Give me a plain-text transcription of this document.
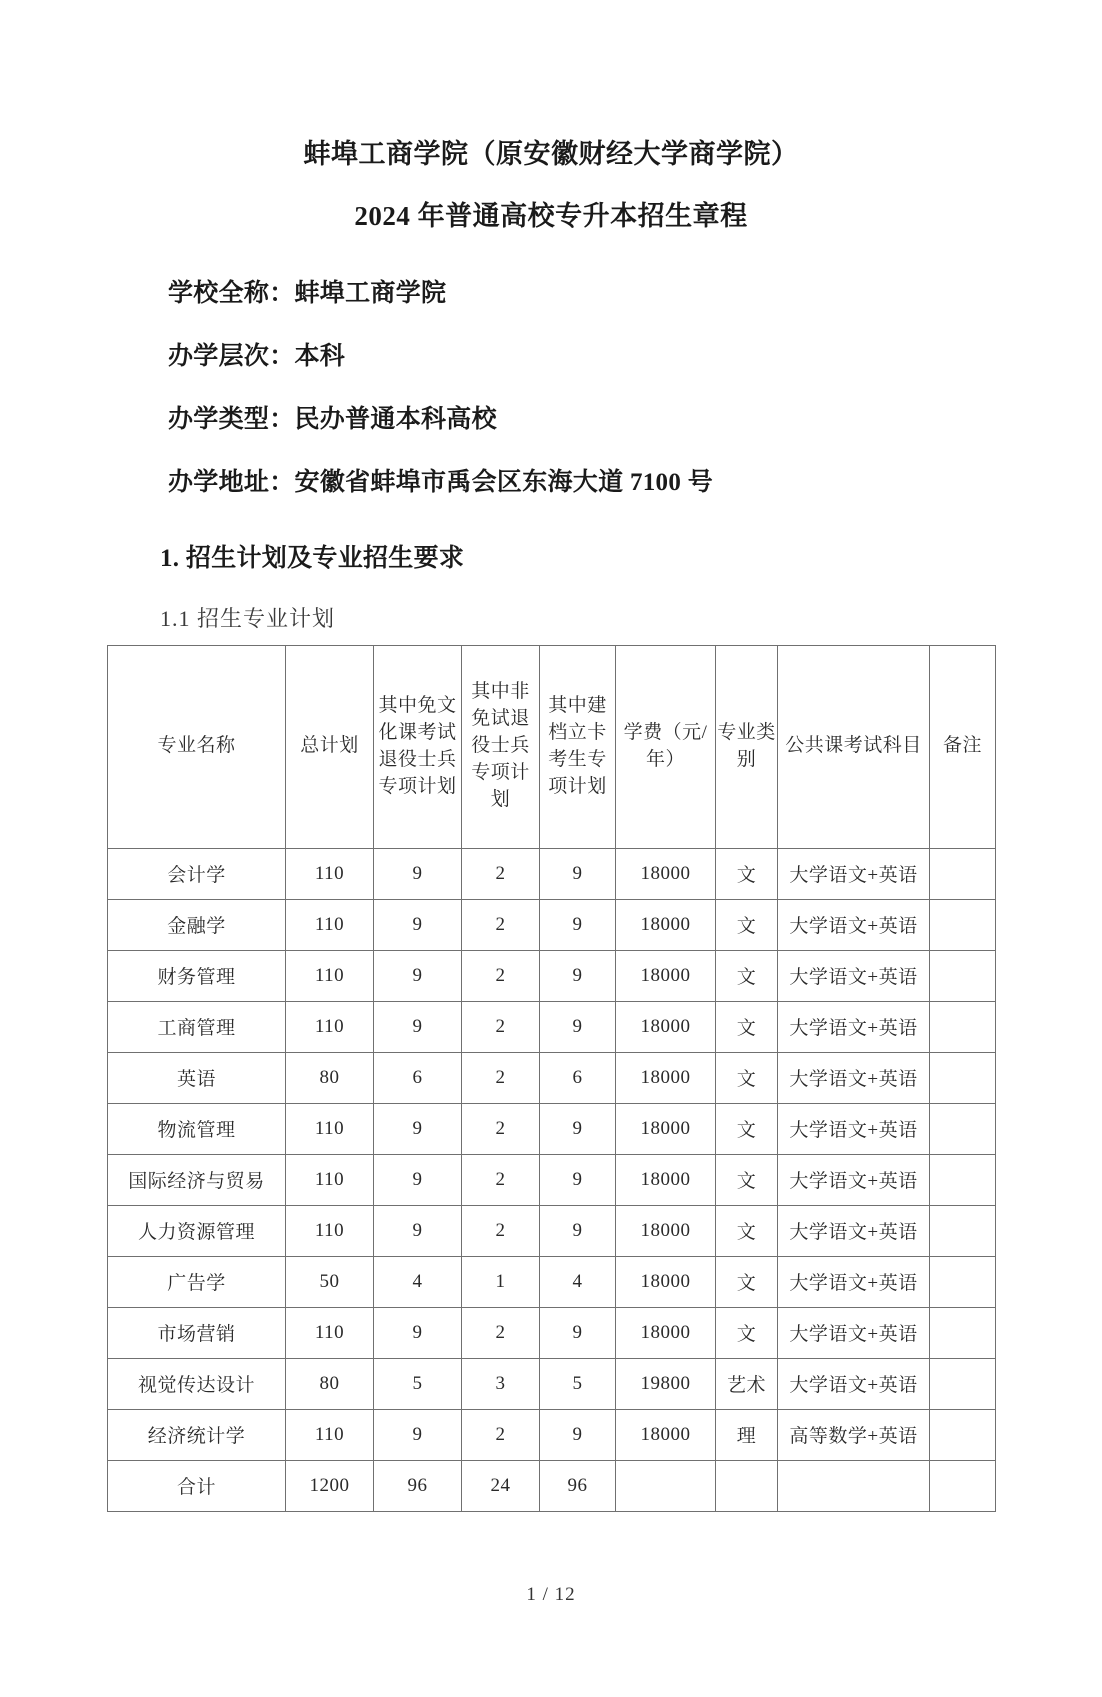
蚌埠工商学院（原安徽财经大学商学院）
2024 年普通高校专升本招生章程
学校全称：蚌埠工商学院
办学层次：本科
办学类型：民办普通本科高校
办学地址：安徽省蚌埠市禹会区东海大道 7100 号
1. 招生计划及专业招生要求
1.1 招生专业计划
专业名称	总计划	其中免文化课考试退役士兵专项计划	其中非免试退役士兵专项计划	其中建档立卡考生专项计划	学费（元/年）	专业类别	公共课考试科目	备注
会计学	110	9	2	9	18000	文	大学语文+英语	
金融学	110	9	2	9	18000	文	大学语文+英语	
财务管理	110	9	2	9	18000	文	大学语文+英语	
工商管理	110	9	2	9	18000	文	大学语文+英语	
英语	80	6	2	6	18000	文	大学语文+英语	
物流管理	110	9	2	9	18000	文	大学语文+英语	
国际经济与贸易	110	9	2	9	18000	文	大学语文+英语	
人力资源管理	110	9	2	9	18000	文	大学语文+英语	
广告学	50	4	1	4	18000	文	大学语文+英语	
市场营销	110	9	2	9	18000	文	大学语文+英语	
视觉传达设计	80	5	3	5	19800	艺术	大学语文+英语	
经济统计学	110	9	2	9	18000	理	高等数学+英语	
合计	1200	96	24	96				
1 / 12
